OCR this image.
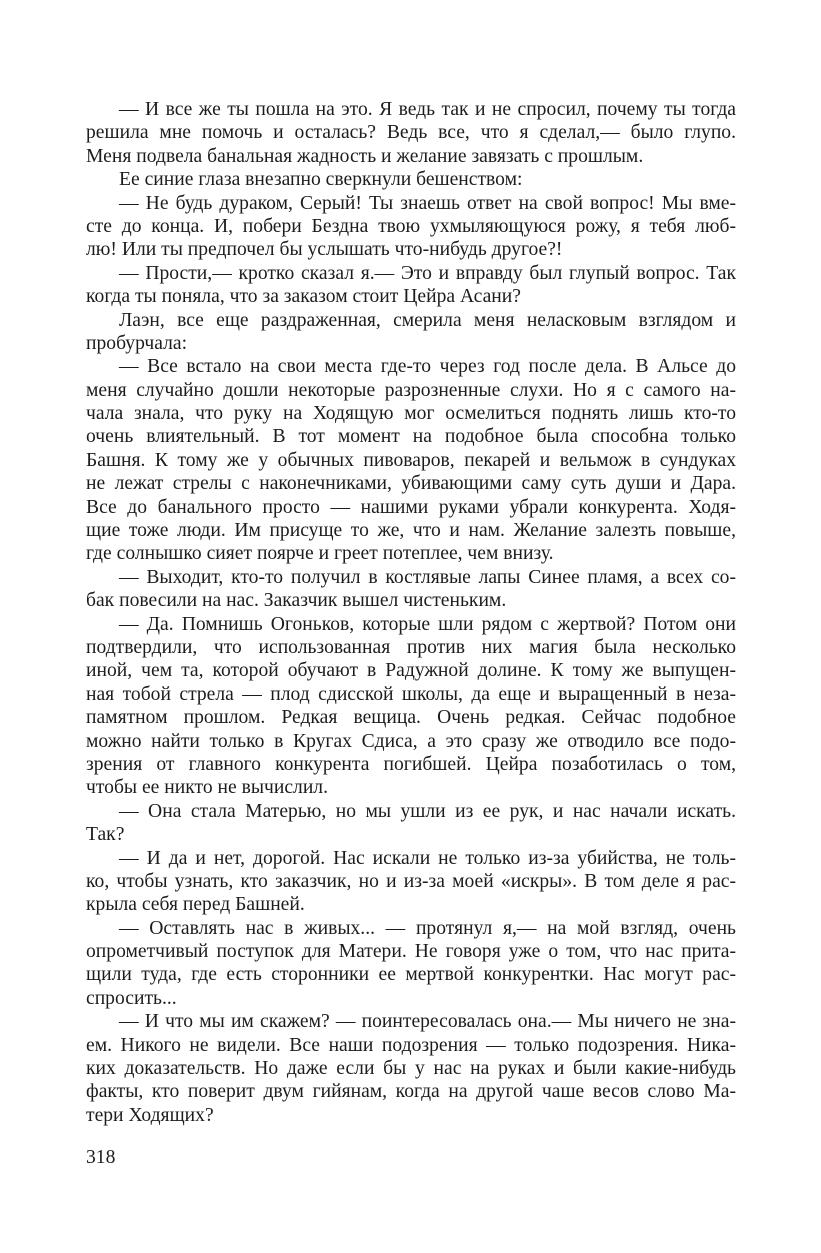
— И все же ты пошла на это. Я ведь так и не спросил, почему ты тогда
решила мне помочь и осталась? Ведь все, что я сделал,— было глупо.
Меня подвела банальная жадность и желание завязать с прошлым.
Ее синие глаза внезапно сверкнули бешенством:
— Не будь дураком, Серый! Ты знаешь ответ на свой вопрос! Мы вме-
сте до конца. И, побери Бездна твою ухмыляющуюся рожу, я тебя люб-
лю! Или ты предпочел бы услышать что-нибудь другое?!
— Прости,— кротко сказал я.— Это и вправду был глупый вопрос. Так
когда ты поняла, что за заказом стоит Цейра Асани?
Лаэн, все еще раздраженная, смерила меня неласковым взглядом и
пробурчала:
— Все встало на свои места где-то через год после дела. В Альсе до
меня случайно дошли некоторые разрозненные слухи. Но я с самого на-
чала знала, что руку на Ходящую мог осмелиться поднять лишь кто-то
очень влиятельный. В тот момент на подобное была способна только
Башня. К тому же у обычных пивоваров, пекарей и вельмож в сундуках
не лежат стрелы с наконечниками, убивающими саму суть души и Дара.
Все до банального просто — нашими руками убрали конкурента. Ходя-
щие тоже люди. Им присуще то же, что и нам. Желание залезть повыше,
где солнышко сияет поярче и греет потеплее, чем внизу.
— Выходит, кто-то получил в костлявые лапы Синее пламя, а всех со-
бак повесили на нас. Заказчик вышел чистеньким.
— Да. Помнишь Огоньков, которые шли рядом с жертвой? Потом они
подтвердили, что использованная против них магия была несколько
иной, чем та, которой обучают в Радужной долине. К тому же выпущен-
ная тобой стрела — плод сдисской школы, да еще и выращенный в неза-
памятном прошлом. Редкая вещица. Очень редкая. Сейчас подобное
можно найти только в Кругах Сдиса, а это сразу же отводило все подо-
зрения от главного конкурента погибшей. Цейра позаботилась о том,
чтобы ее никто не вычислил.
— Она стала Матерью, но мы ушли из ее рук, и нас начали искать.
Так?
— И да и нет, дорогой. Нас искали не только из-за убийства, не толь-
ко, чтобы узнать, кто заказчик, но и из-за моей «искры». В том деле я рас-
крыла себя перед Башней.
— Оставлять нас в живых... — протянул я,— на мой взгляд, очень
опрометчивый поступок для Матери. Не говоря уже о том, что нас прита-
щили туда, где есть сторонники ее мертвой конкурентки. Нас могут рас-
спросить...
— И что мы им скажем? — поинтересовалась она.— Мы ничего не зна-
ем. Никого не видели. Все наши подозрения — только подозрения. Ника-
ких доказательств. Но даже если бы у нас на руках и были какие-нибудь
факты, кто поверит двум гийянам, когда на другой чаше весов слово Ма-
тери Ходящих?
318
